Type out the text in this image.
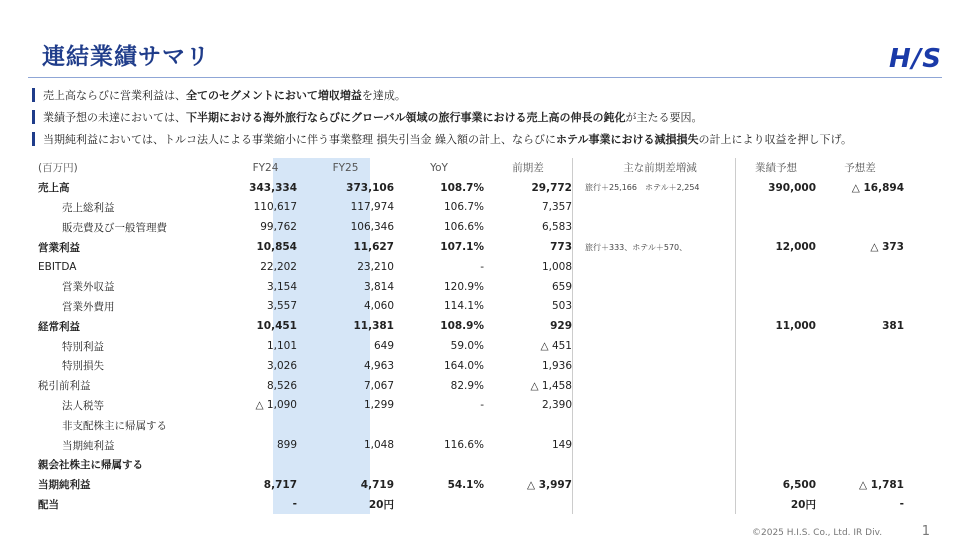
連結業績サマリ	H/S
売上高ならびに営業利益は、全てのセグメントにおいて増収増益を達成。
業績予想の未達においては、下半期における海外旅行ならびにグローバル領域の旅行事業における売上高の伸長の鈍化が主たる要因。
当期純利益においては、トルコ法人による事業縮小に伴う事業整理 損失引当金 繰入額の計上、ならびにホテル事業における減損損失の計上により収益を押し下げ。
(百万円)	FY24	FY25	YoY	前期差	主な前期差増減	業績予想	予想差
売上高	343,334	373,106	108.7%	29,772	旅行＋25,166　ホテル＋2,254	390,000	△ 16,894
売上総利益	110,617	117,974	106.7%	7,357			
販売費及び一般管理費	99,762	106,346	106.6%	6,583			
営業利益	10,854	11,627	107.1%	773	旅行＋333、ホテル＋570、	12,000	△ 373
EBITDA	22,202	23,210	-	1,008			
営業外収益	3,154	3,814	120.9%	659			
営業外費用	3,557	4,060	114.1%	503			
経常利益	10,451	11,381	108.9%	929		11,000	381
特別利益	1,101	649	59.0%	△ 451			
特別損失	3,026	4,963	164.0%	1,936			
税引前利益	8,526	7,067	82.9%	△ 1,458			
法人税等	△ 1,090	1,299	-	2,390			
非支配株主に帰属する							
当期純利益	899	1,048	116.6%	149			
親会社株主に帰属する							
当期純利益	8,717	4,719	54.1%	△ 3,997		6,500	△ 1,781
配当	-	20円				20円	-
©2025 H.I.S. Co., Ltd. IR Div.	1
